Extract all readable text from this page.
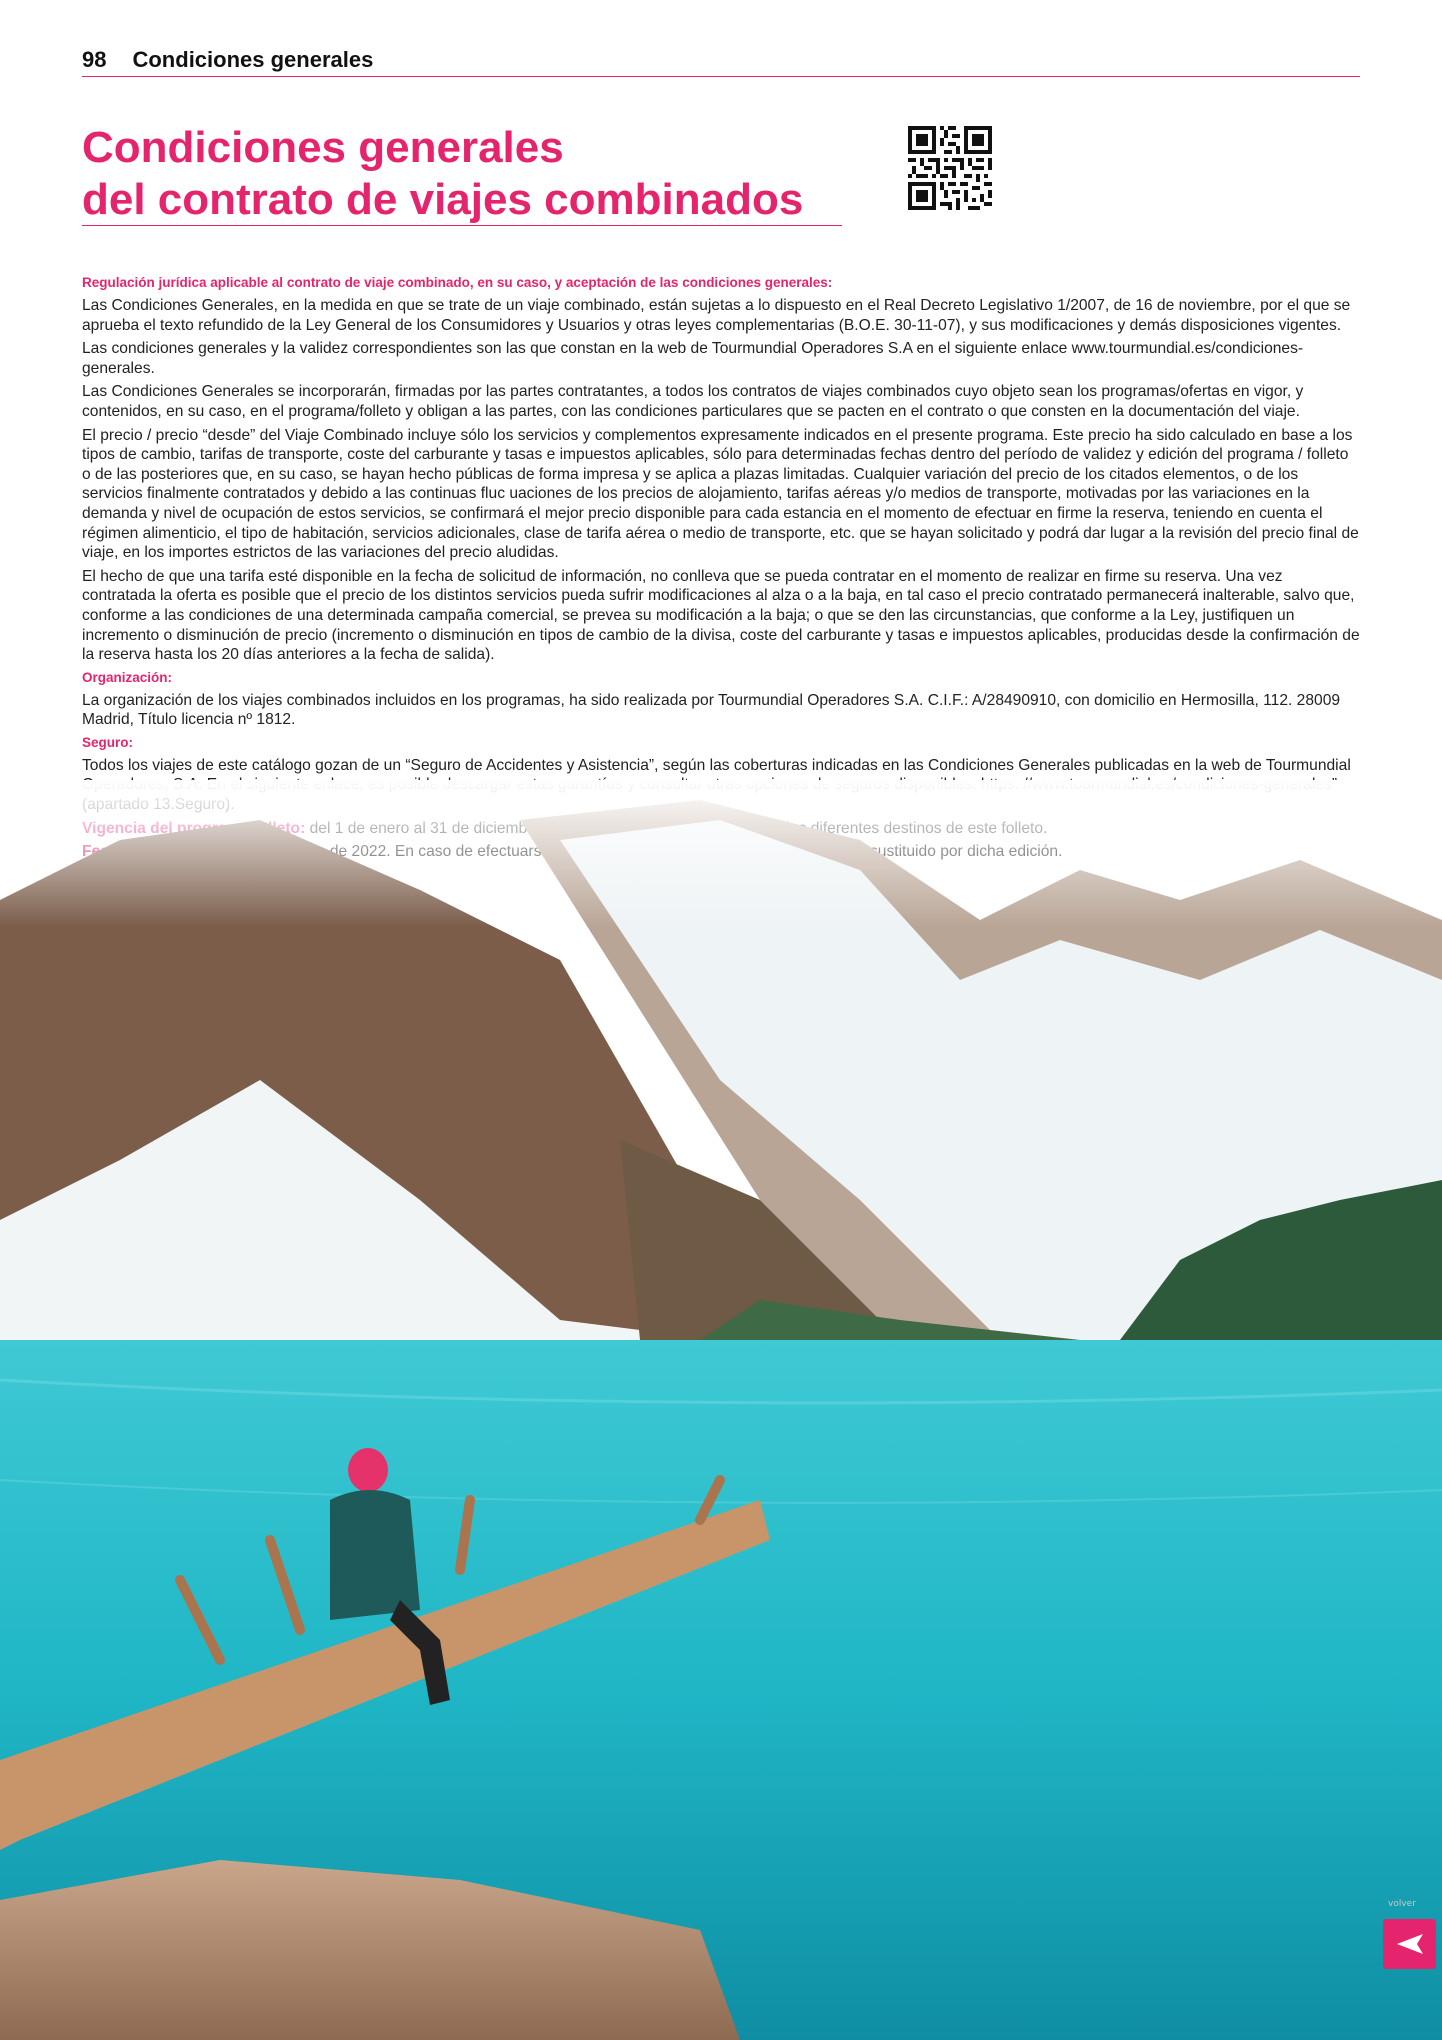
98 Condiciones generales
Condiciones generales
del contrato de viajes combinados

Regulación jurídica aplicable al contrato de viaje combinado, en su caso, y aceptación de las condiciones generales:

Las Condiciones Generales, en la medida en que se trate de un viaje combinado, están sujetas a lo dispuesto en el Real Decreto Legislativo 1/2007, de 16 de noviembre, por el que se aprueba el texto refundido de la Ley General de los Consumidores y Usuarios y otras leyes complementarias (B.O.E. 30-11-07), y sus modificaciones y demás disposiciones vigentes.

Las condiciones generales y la validez correspondientes son las que constan en la web de Tourmundial Operadores S.A en el siguiente enlace www.tourmundial.es/condiciones-generales.

Las Condiciones Generales se incorporarán, firmadas por las partes contratantes, a todos los contratos de viajes combinados cuyo objeto sean los programas/ofertas en vigor, y contenidos, en su caso, en el programa/folleto y obligan a las partes, con las condiciones particulares que se pacten en el contrato o que consten en la documentación del viaje.

El precio / precio “desde” del Viaje Combinado incluye sólo los servicios y complementos expresamente indicados en el presente programa. Este precio ha sido calculado en base a los tipos de cambio, tarifas de transporte, coste del carburante y tasas e impuestos aplicables, sólo para determinadas fechas dentro del período de validez y edición del programa / folleto o de las posteriores que, en su caso, se hayan hecho públicas de forma impresa y se aplica a plazas limitadas. Cualquier variación del precio de los citados elementos, o de los servicios finalmente contratados y debido a las continuas fluc uaciones de los precios de alojamiento, tarifas aéreas y/o medios de transporte, motivadas por las variaciones en la demanda y nivel de ocupación de estos servicios, se confirmará el mejor precio disponible para cada estancia en el momento de efectuar en firme la reserva, teniendo en cuenta el régimen alimenticio, el tipo de habitación, servicios adicionales, clase de tarifa aérea o medio de transporte, etc. que se hayan solicitado y podrá dar lugar a la revisión del precio final de viaje, en los importes estrictos de las variaciones del precio aludidas.

El hecho de que una tarifa esté disponible en la fecha de solicitud de información, no conlleva que se pueda contratar en el momento de realizar en firme su reserva. Una vez contratada la oferta es posible que el precio de los distintos servicios pueda sufrir modificaciones al alza o a la baja, en tal caso el precio contratado permanecerá inalterable, salvo que, conforme a las condiciones de una determinada campaña comercial, se prevea su modificación a la baja; o que se den las circunstancias, que conforme a la Ley, justifiquen un incremento o disminución de precio (incremento o disminución en tipos de cambio de la divisa, coste del carburante y tasas e impuestos aplicables, producidas desde la confirmación de la reserva hasta los 20 días anteriores a la fecha de salida).

Organización:

La organización de los viajes combinados incluidos en los programas, ha sido realizada por Tourmundial Operadores S.A. C.I.F.: A/28490910, con domicilio en Hermosilla, 112. 28009 Madrid, Título licencia nº 1812.

Seguro:

Todos los viajes de este catálogo gozan de un “Seguro de Accidentes y Asistencia”, según las coberturas indicadas en las Condiciones Generales publicadas en la web de Tourmundial

volver
